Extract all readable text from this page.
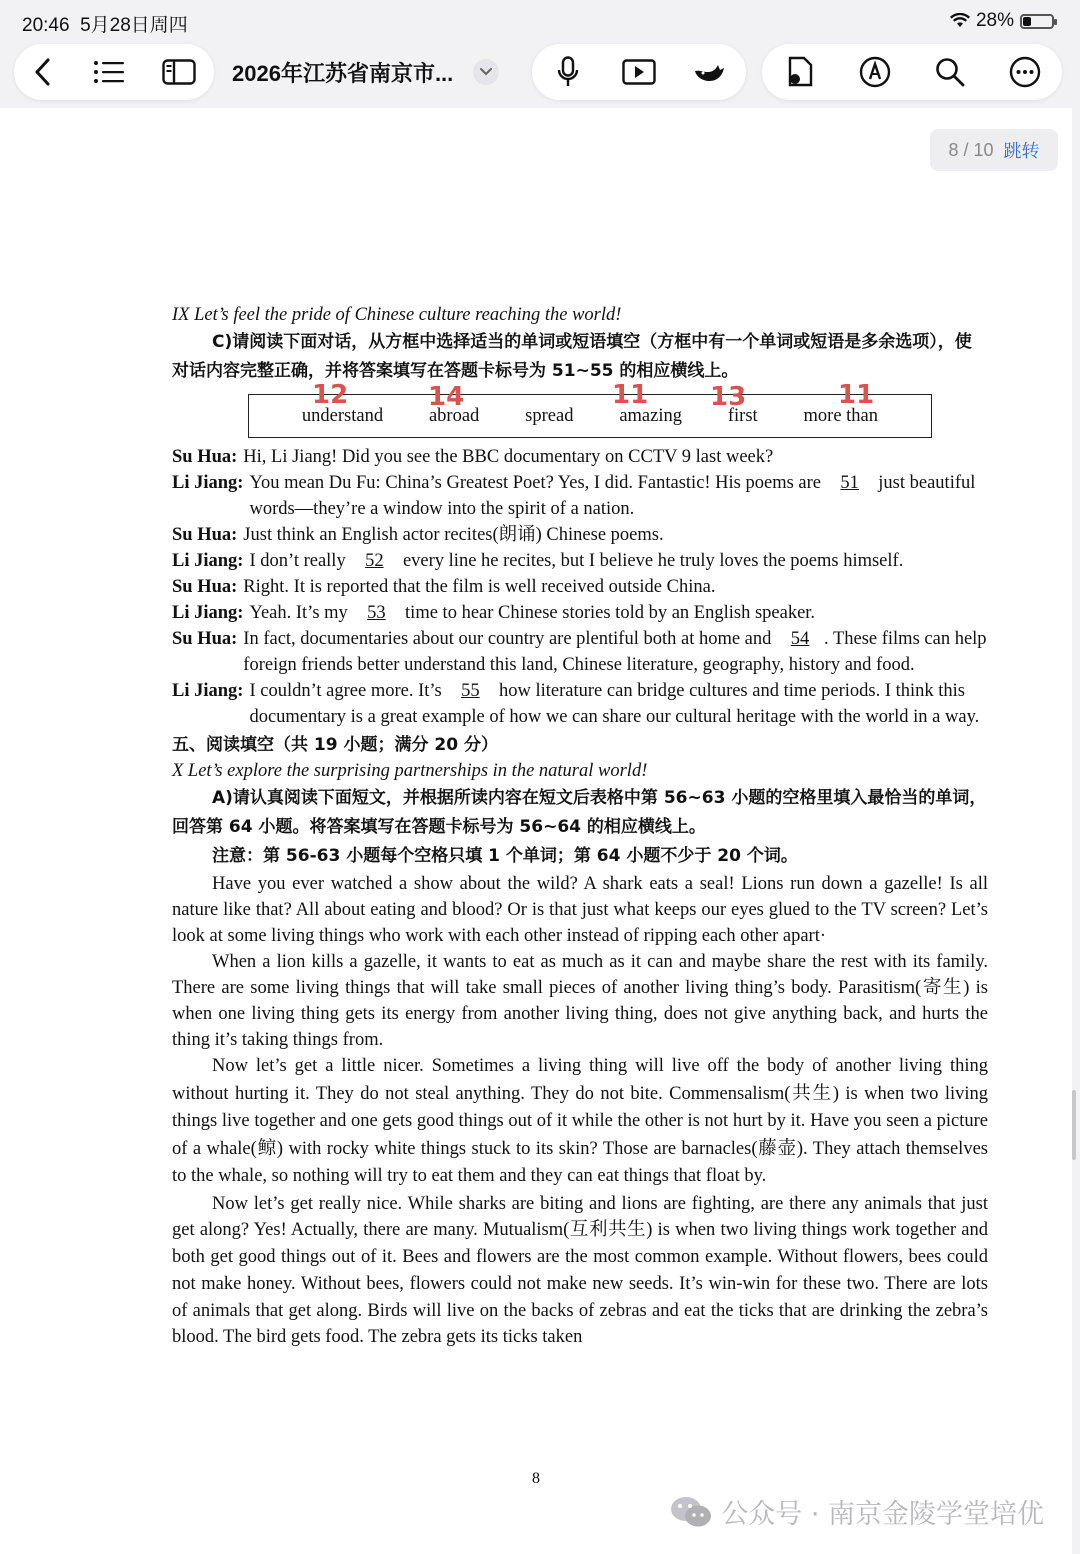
20:46 5月28日周四	28%
2026年江苏省南京市...
8 / 10 跳转

IX Let’s feel the pride of Chinese culture reaching the world!

C)请阅读下面对话，从方框中选择适当的单词或短语填空（方框中有一个单词或短语是多余选项），使对话内容完整正确，并将答案填写在答题卡标号为 51~55 的相应横线上。

understand abroad spread amazing first more than
Su Hua: Hi, Li Jiang! Did you see the BBC documentary on CCTV 9 last week?
Li Jiang: You mean Du Fu: China’s Greatest Poet? Yes, I did. Fantastic! His poems are 51 just beautiful words—they’re a window into the spirit of a nation.
Su Hua: Just think an English actor recites(朗诵) Chinese poems.
Li Jiang: I don’t really 52 every line he recites, but I believe he truly loves the poems himself.
Su Hua: Right. It is reported that the film is well received outside China.
Li Jiang: Yeah. It’s my 53 time to hear Chinese stories told by an English speaker.
Su Hua: In fact, documentaries about our country are plentiful both at home and 54 . These films can help foreign friends better understand this land, Chinese literature, geography, history and food.
Li Jiang: I couldn’t agree more. It’s 55 how literature can bridge cultures and time periods. I think this documentary is a great example of how we can share our cultural heritage with the world in a way.

五、阅读填空（共 19 小题；满分 20 分）

X Let’s explore the surprising partnerships in the natural world!

A)请认真阅读下面短文，并根据所读内容在短文后表格中第 56~63 小题的空格里填入最恰当的单词，回答第 64 小题。将答案填写在答题卡标号为 56~64 的相应横线上。

注意：第 56-63 小题每个空格只填 1 个单词；第 64 小题不少于 20 个词。

Have you ever watched a show about the wild? A shark eats a seal! Lions run down a gazelle! Is all nature like that? All about eating and blood? Or is that just what keeps our eyes glued to the TV screen? Let’s look at some living things who work with each other instead of ripping each other apart·

When a lion kills a gazelle, it wants to eat as much as it can and maybe share the rest with its family. There are some living things that will take small pieces of another living thing’s body. Parasitism(寄生) is when one living thing gets its energy from another living thing, does not give anything back, and hurts the thing it’s taking things from.

Now let’s get a little nicer. Sometimes a living thing will live off the body of another living thing without hurting it. They do not steal anything. They do not bite. Commensalism(共生) is when two living things live together and one gets good things out of it while the other is not hurt by it. Have you seen a picture of a whale(鲸) with rocky white things stuck to its skin? Those are barnacles(藤壶). They attach themselves to the whale, so nothing will try to eat them and they can eat things that float by.

Now let’s get really nice. While sharks are biting and lions are fighting, are there any animals that just get along? Yes! Actually, there are many. Mutualism(互利共生) is when two living things work together and both get good things out of it. Bees and flowers are the most common example. Without flowers, bees could not make honey. Without bees, flowers could not make new seeds. It’s win-win for these two. There are lots of animals that get along. Birds will live on the backs of zebras and eat the ticks that are drinking the zebra’s blood. The bird gets food. The zebra gets its ticks taken

12	14	11 13	11
8
公众号 · 南京金陵学堂培优
